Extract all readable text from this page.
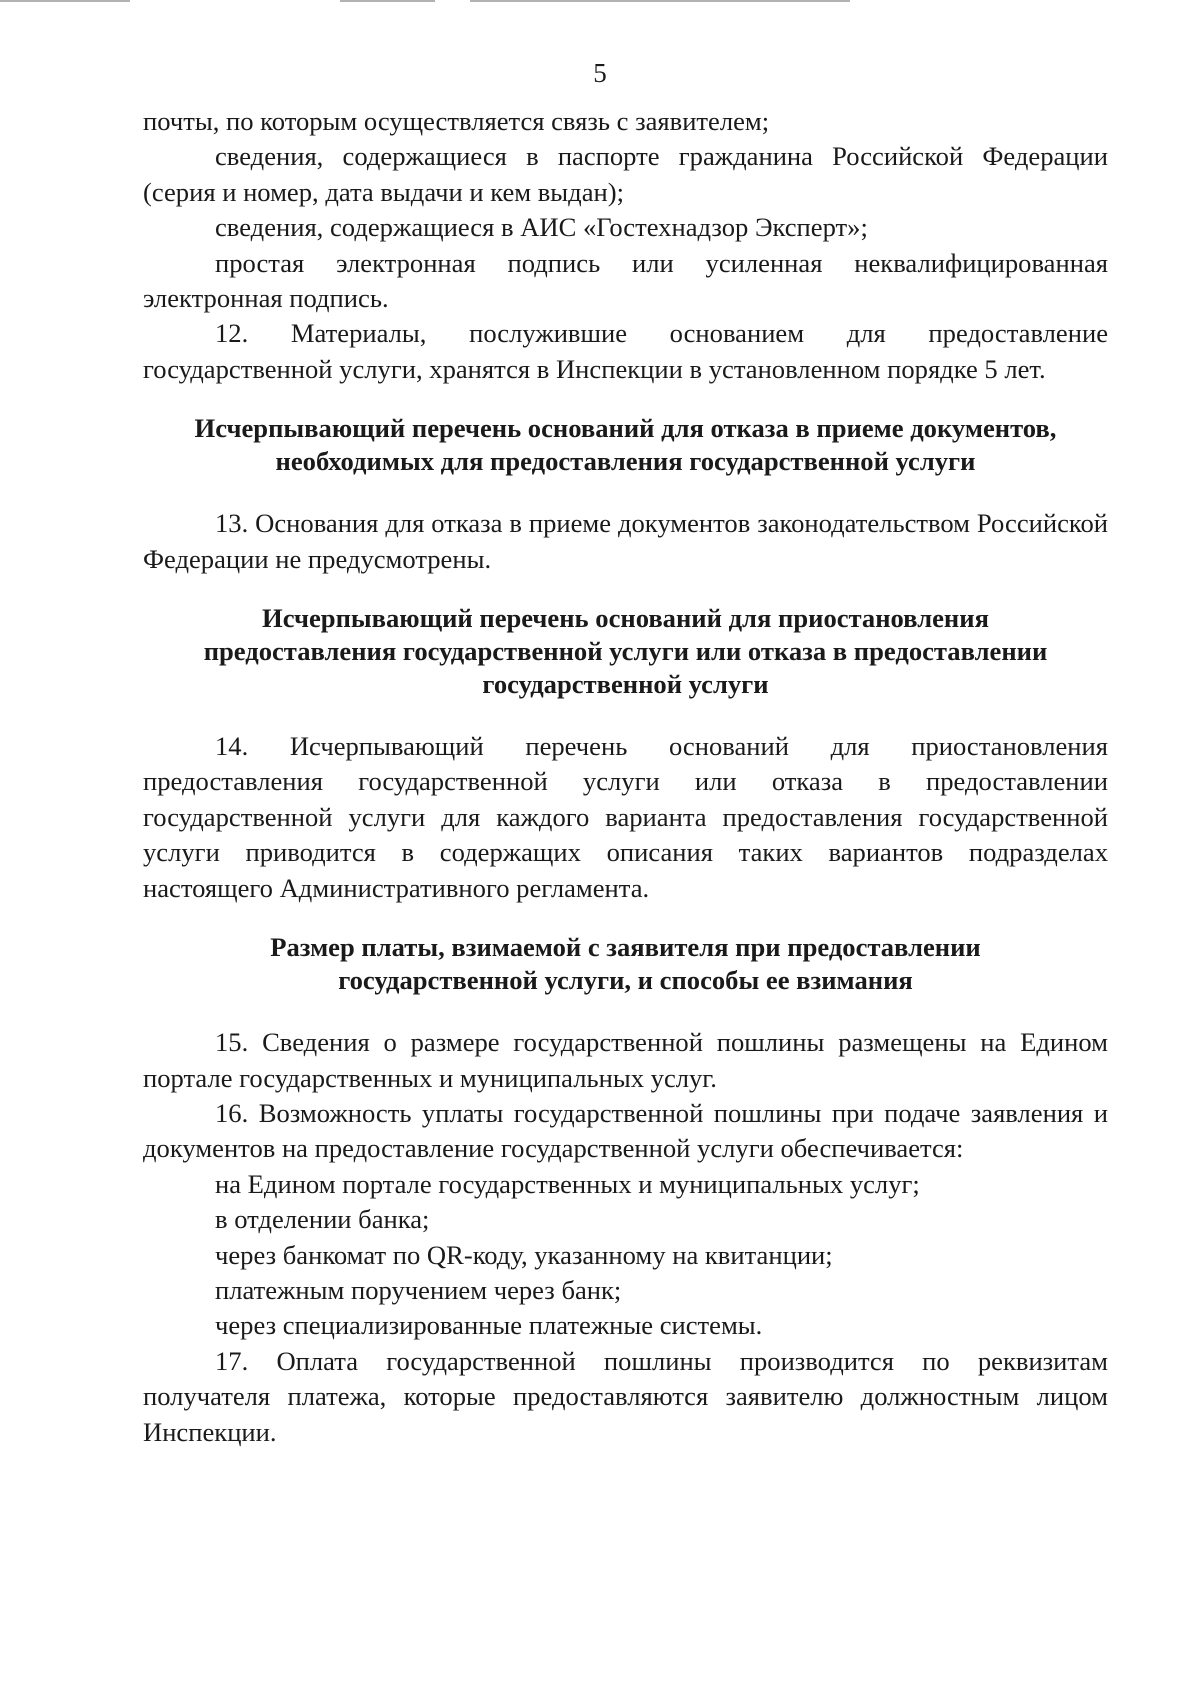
5

почты, по которым осуществляется связь с заявителем;

сведения, содержащиеся в паспорте гражданина Российской Федерации (серия и номер, дата выдачи и кем выдан);

сведения, содержащиеся в АИС «Гостехнадзор Эксперт»;

простая электронная подпись или усиленная неквалифицированная электронная подпись.

12. Материалы, послужившие основанием для предоставление государственной услуги, хранятся в Инспекции в установленном порядке 5 лет.

Исчерпывающий перечень оснований для отказа в приеме документов,
необходимых для предоставления государственной услуги

13. Основания для отказа в приеме документов законодательством Российской Федерации не предусмотрены.

Исчерпывающий перечень оснований для приостановления
предоставления государственной услуги или отказа в предоставлении
государственной услуги

14. Исчерпывающий перечень оснований для приостановления предоставления государственной услуги или отказа в предоставлении государственной услуги для каждого варианта предоставления государственной услуги приводится в содержащих описания таких вариантов подразделах настоящего Административного регламента.

Размер платы, взимаемой с заявителя при предоставлении
государственной услуги, и способы ее взимания

15. Сведения о размере государственной пошлины размещены на Едином портале государственных и муниципальных услуг.

16. Возможность уплаты государственной пошлины при подаче заявления и документов на предоставление государственной услуги обеспечивается:

на Едином портале государственных и муниципальных услуг;

в отделении банка;

через банкомат по QR-коду, указанному на квитанции;

платежным поручением через банк;

через специализированные платежные системы.

17. Оплата государственной пошлины производится по реквизитам получателя платежа, которые предоставляются заявителю должностным лицом Инспекции.
